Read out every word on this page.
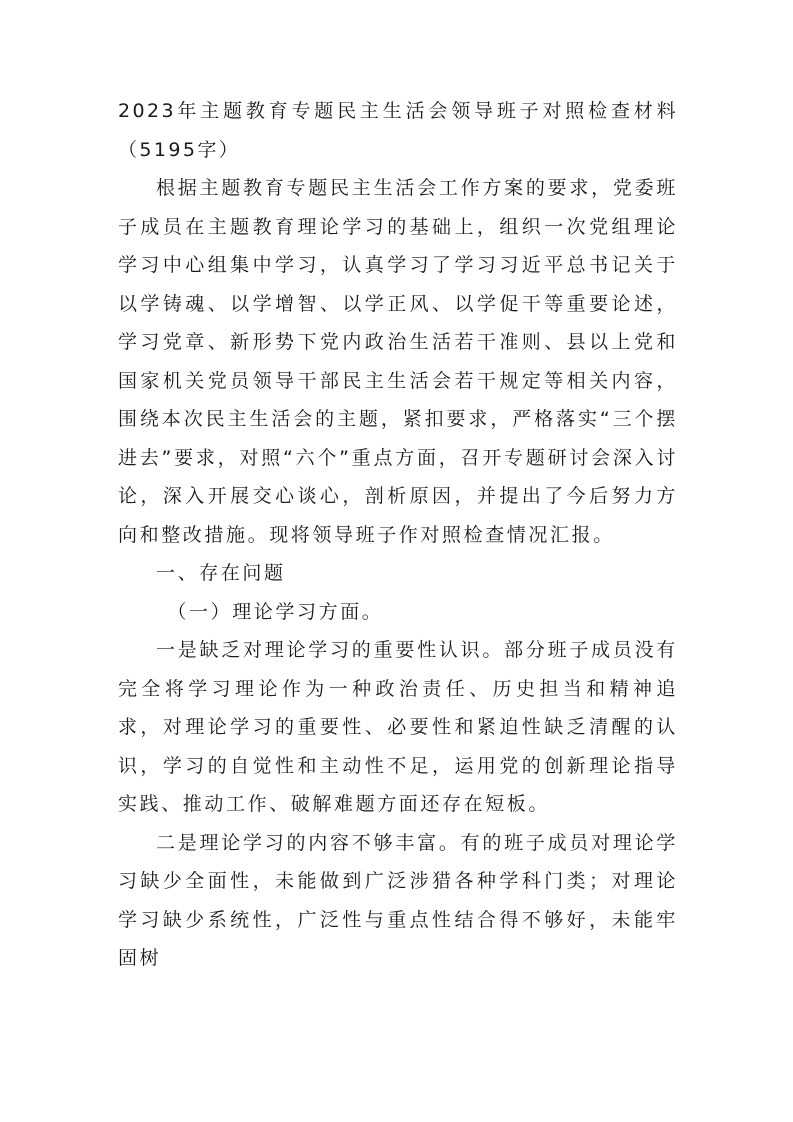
2023年主题教育专题民主生活会领导班子对照检查材料（5195字）

根据主题教育专题民主生活会工作方案的要求，党委班子成员在主题教育理论学习的基础上，组织一次党组理论学习中心组集中学习，认真学习了学习习近平总书记关于以学铸魂、以学增智、以学正风、以学促干等重要论述，学习党章、新形势下党内政治生活若干准则、县以上党和国家机关党员领导干部民主生活会若干规定等相关内容，围绕本次民主生活会的主题，紧扣要求，严格落实“三个摆进去”要求，对照“六个”重点方面，召开专题研讨会深入讨论，深入开展交心谈心，剖析原因，并提出了今后努力方向和整改措施。现将领导班子作对照检查情况汇报。

一、存在问题

（一）理论学习方面。

一是缺乏对理论学习的重要性认识。部分班子成员没有完全将学习理论作为一种政治责任、历史担当和精神追求，对理论学习的重要性、必要性和紧迫性缺乏清醒的认识，学习的自觉性和主动性不足，运用党的创新理论指导实践、推动工作、破解难题方面还存在短板。

二是理论学习的内容不够丰富。有的班子成员对理论学习缺少全面性，未能做到广泛涉猎各种学科门类；对理论学习缺少系统性，广泛性与重点性结合得不够好，未能牢固树
